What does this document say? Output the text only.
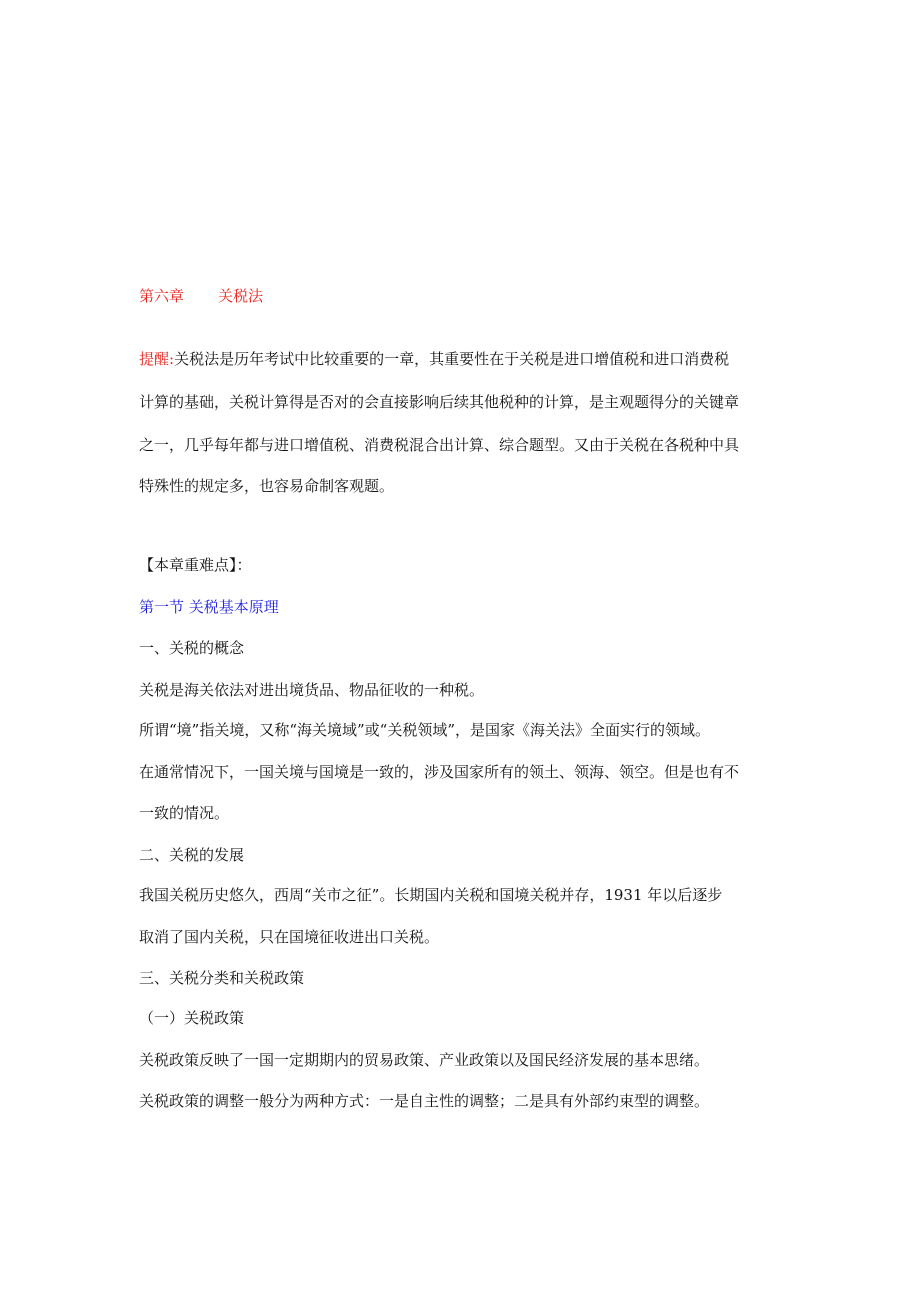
第六章 关税法
提醒:关税法是历年考试中比较重要的一章，其重要性在于关税是进口增值税和进口消费税
计算的基础，关税计算得是否对的会直接影响后续其他税种的计算，是主观题得分的关键章
之一，几乎每年都与进口增值税、消费税混合出计算、综合题型。又由于关税在各税种中具
特殊性的规定多，也容易命制客观题。
【本章重难点】：
第一节 关税基本原理
一、关税的概念
关税是海关依法对进出境货品、物品征收的一种税。
所谓“境”指关境，又称“海关境域”或“关税领域”，是国家《海关法》全面实行的领域。
在通常情况下，一国关境与国境是一致的，涉及国家所有的领土、领海、领空。但是也有不
一致的情况。
二、关税的发展
我国关税历史悠久，西周“关市之征”。长期国内关税和国境关税并存，1931 年以后逐步
取消了国内关税，只在国境征收进出口关税。
三、关税分类和关税政策
（一）关税政策
关税政策反映了一国一定期期内的贸易政策、产业政策以及国民经济发展的基本思绪。
关税政策的调整一般分为两种方式：一是自主性的调整；二是具有外部约束型的调整。
